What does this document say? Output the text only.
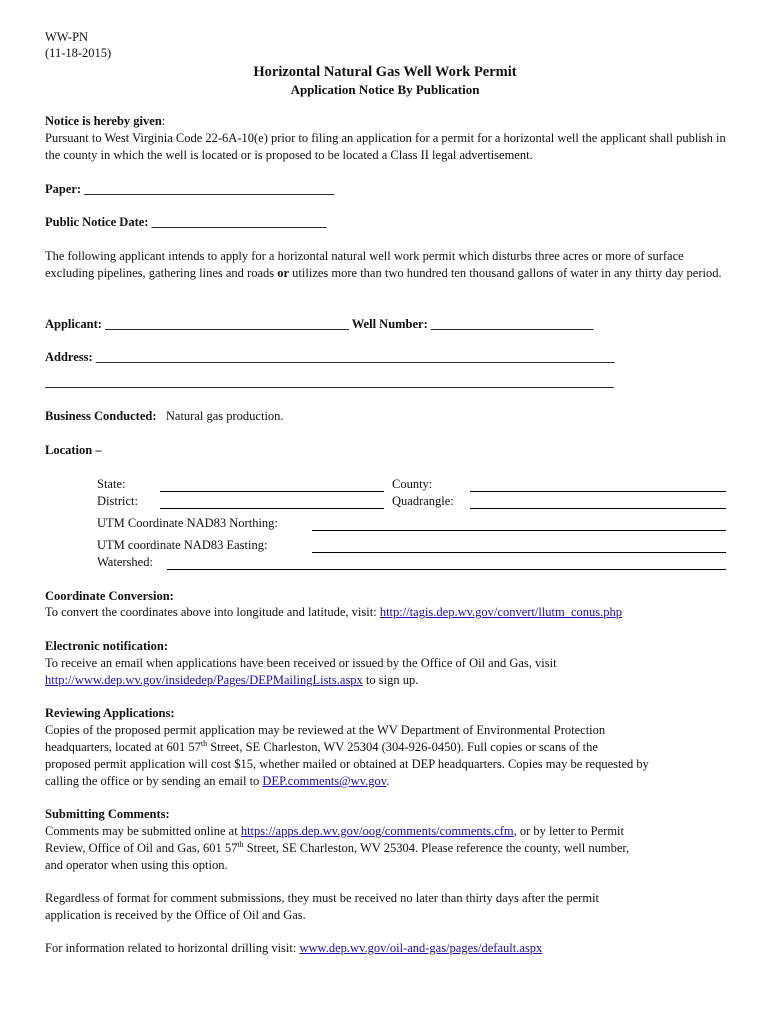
WW-PN
(11-18-2015)
Horizontal Natural Gas Well Work Permit
Application Notice By Publication
Notice is hereby given:
Pursuant to West Virginia Code 22-6A-10(e) prior to filing an application for a permit for a horizontal well the applicant shall publish in the county in which the well is located or is proposed to be located a Class II legal advertisement.
Paper: ________________________________________
Public Notice Date: ____________________________
The following applicant intends to apply for a horizontal natural well work permit which disturbs three acres or more of surface excluding pipelines, gathering lines and roads or utilizes more than two hundred ten thousand gallons of water in any thirty day period.
Applicant: _______________________________________ Well Number: __________________________
Address: ___________________________________________________________________________________
___________________________________________________________________________________________
Business Conducted: Natural gas production.
Location –
State:	County:
District:	Quadrangle:
UTM Coordinate NAD83 Northing:
UTM coordinate NAD83 Easting:
Watershed:
Coordinate Conversion:
To convert the coordinates above into longitude and latitude, visit: http://tagis.dep.wv.gov/convert/llutm_conus.php
Electronic notification:
To receive an email when applications have been received or issued by the Office of Oil and Gas, visit
http://www.dep.wv.gov/insidedep/Pages/DEPMailingLists.aspx to sign up.
Reviewing Applications:
Copies of the proposed permit application may be reviewed at the WV Department of Environmental Protection
headquarters, located at 601 57th Street, SE Charleston, WV 25304 (304-926-0450). Full copies or scans of the
proposed permit application will cost $15, whether mailed or obtained at DEP headquarters. Copies may be requested by
calling the office or by sending an email to DEP.comments@wv.gov.
Submitting Comments:
Comments may be submitted online at https://apps.dep.wv.gov/oog/comments/comments.cfm, or by letter to Permit
Review, Office of Oil and Gas, 601 57th Street, SE Charleston, WV 25304. Please reference the county, well number,
and operator when using this option.
Regardless of format for comment submissions, they must be received no later than thirty days after the permit
application is received by the Office of Oil and Gas.
For information related to horizontal drilling visit: www.dep.wv.gov/oil-and-gas/pages/default.aspx
